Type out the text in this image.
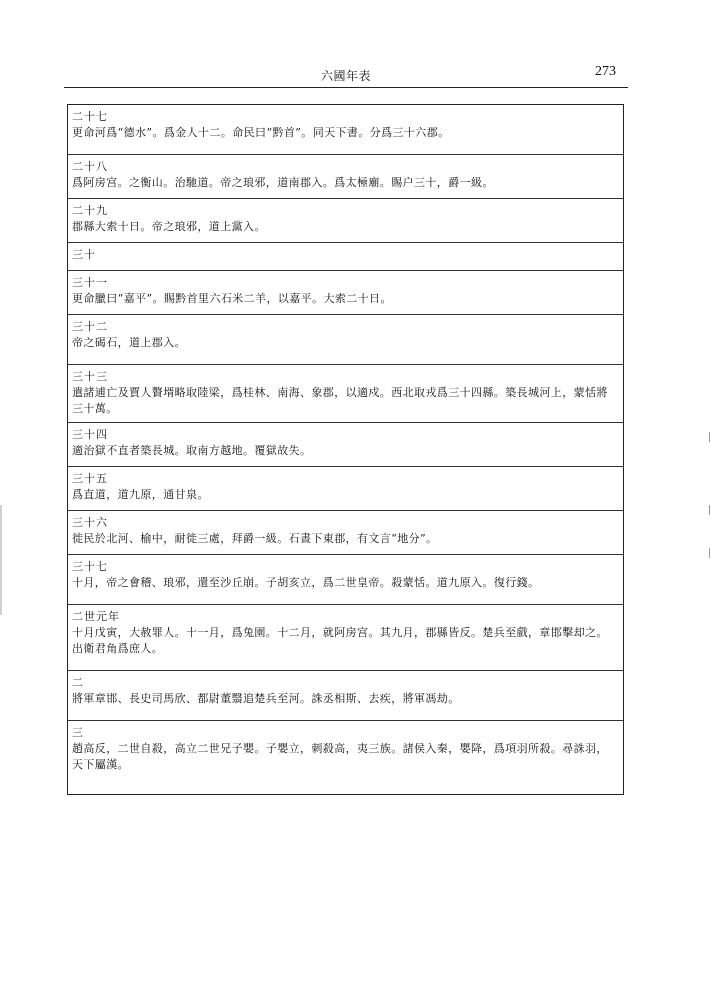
六國年表	273
二十七
更命河爲“德水”。爲金人十二。命民曰“黔首”。同天下書。分爲三十六郡。
二十八
爲阿房宫。之衡山。治馳道。帝之琅邪，道南郡入。爲太極廟。賜户三十，爵一級。
二十九
郡縣大索十日。帝之琅邪，道上黨入。
三十
三十一
更命臘曰“嘉平”。賜黔首里六石米二羊，以嘉平。大索二十日。
三十二
帝之碣石，道上郡入。
三十三
遣諸逋亡及賈人贅壻略取陸梁，爲桂林、南海、象郡，以適戍。西北取戎爲三十四縣。築長城河上，蒙恬將三十萬。
三十四
適治獄不直者築長城。取南方越地。覆獄故失。
三十五
爲直道，道九原，通甘泉。
三十六
徙民於北河、榆中，耐徙三處，拜爵一級。石晝下東郡，有文言“地分”。
三十七
十月，帝之會稽、琅邪，還至沙丘崩。子胡亥立，爲二世皇帝。殺蒙恬。道九原入。復行錢。
二世元年
十月戊寅，大赦罪人。十一月，爲兔園。十二月，就阿房宫。其九月，郡縣皆反。楚兵至戲，章邯擊却之。出衛君角爲庶人。
二
將軍章邯、長史司馬欣、都尉董翳追楚兵至河。誅丞相斯、去疾，將軍馮劫。
三
趙高反，二世自殺，高立二世兄子嬰。子嬰立，刺殺高，夷三族。諸侯入秦，嬰降，爲項羽所殺。尋誅羽，天下屬漢。
